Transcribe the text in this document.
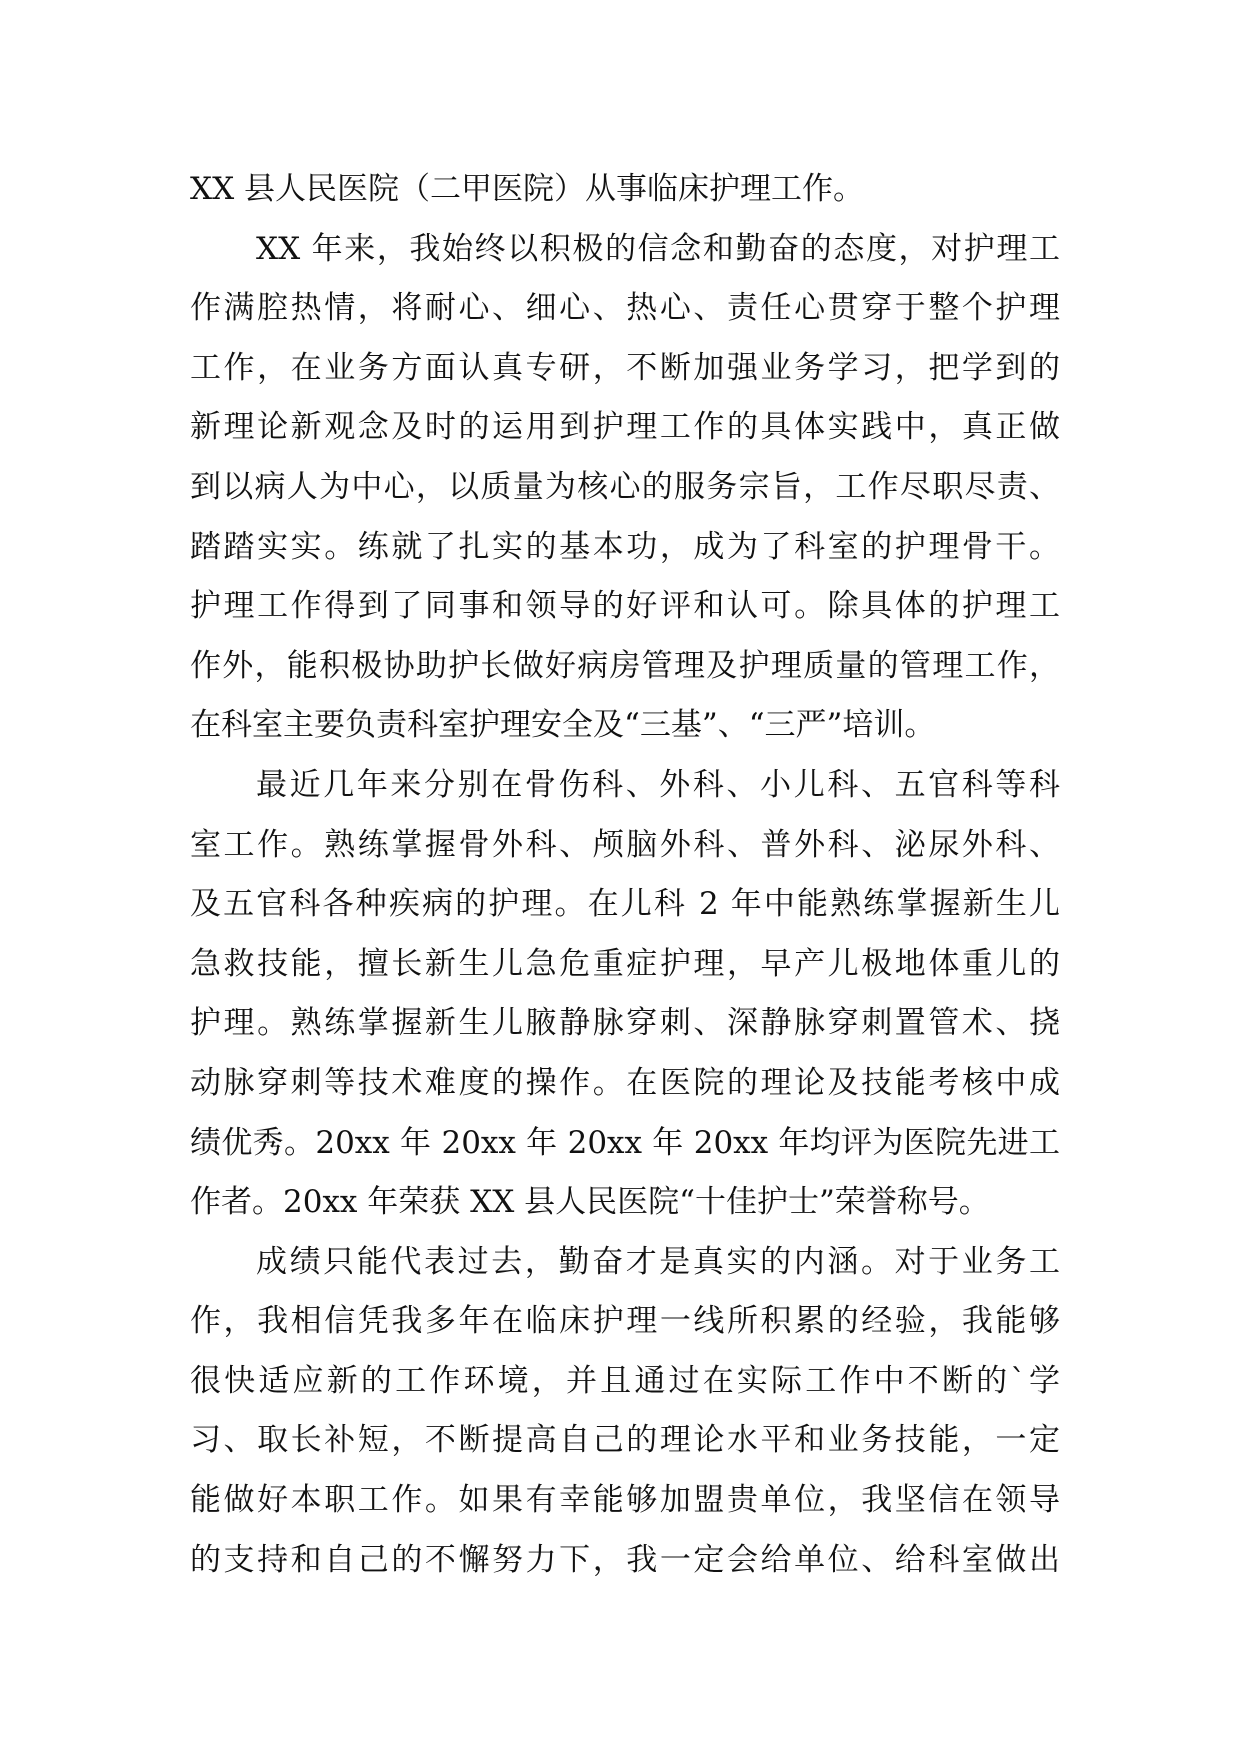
XX 县人民医院（二甲医院）从事临床护理工作。
XX 年来，我始终以积极的信念和勤奋的态度，对护理工
作满腔热情，将耐心、细心、热心、责任心贯穿于整个护理
工作，在业务方面认真专研，不断加强业务学习，把学到的
新理论新观念及时的运用到护理工作的具体实践中，真正做
到以病人为中心，以质量为核心的服务宗旨，工作尽职尽责、
踏踏实实。练就了扎实的基本功，成为了科室的护理骨干。
护理工作得到了同事和领导的好评和认可。除具体的护理工
作外，能积极协助护长做好病房管理及护理质量的管理工作，
在科室主要负责科室护理安全及“三基”、“三严”培训。
最近几年来分别在骨伤科、外科、小儿科、五官科等科
室工作。熟练掌握骨外科、颅脑外科、普外科、泌尿外科、
及五官科各种疾病的护理。在儿科 2 年中能熟练掌握新生儿
急救技能，擅长新生儿急危重症护理，早产儿极地体重儿的
护理。熟练掌握新生儿腋静脉穿刺、深静脉穿刺置管术、挠
动脉穿刺等技术难度的操作。在医院的理论及技能考核中成
绩优秀。20xx 年 20xx 年 20xx 年 20xx 年均评为医院先进工
作者。20xx 年荣获 XX 县人民医院“十佳护士”荣誉称号。
成绩只能代表过去，勤奋才是真实的内涵。对于业务工
作，我相信凭我多年在临床护理一线所积累的经验，我能够
很快适应新的工作环境，并且通过在实际工作中不断的`学
习、取长补短，不断提高自己的理论水平和业务技能，一定
能做好本职工作。如果有幸能够加盟贵单位，我坚信在领导
的支持和自己的不懈努力下，我一定会给单位、给科室做出
